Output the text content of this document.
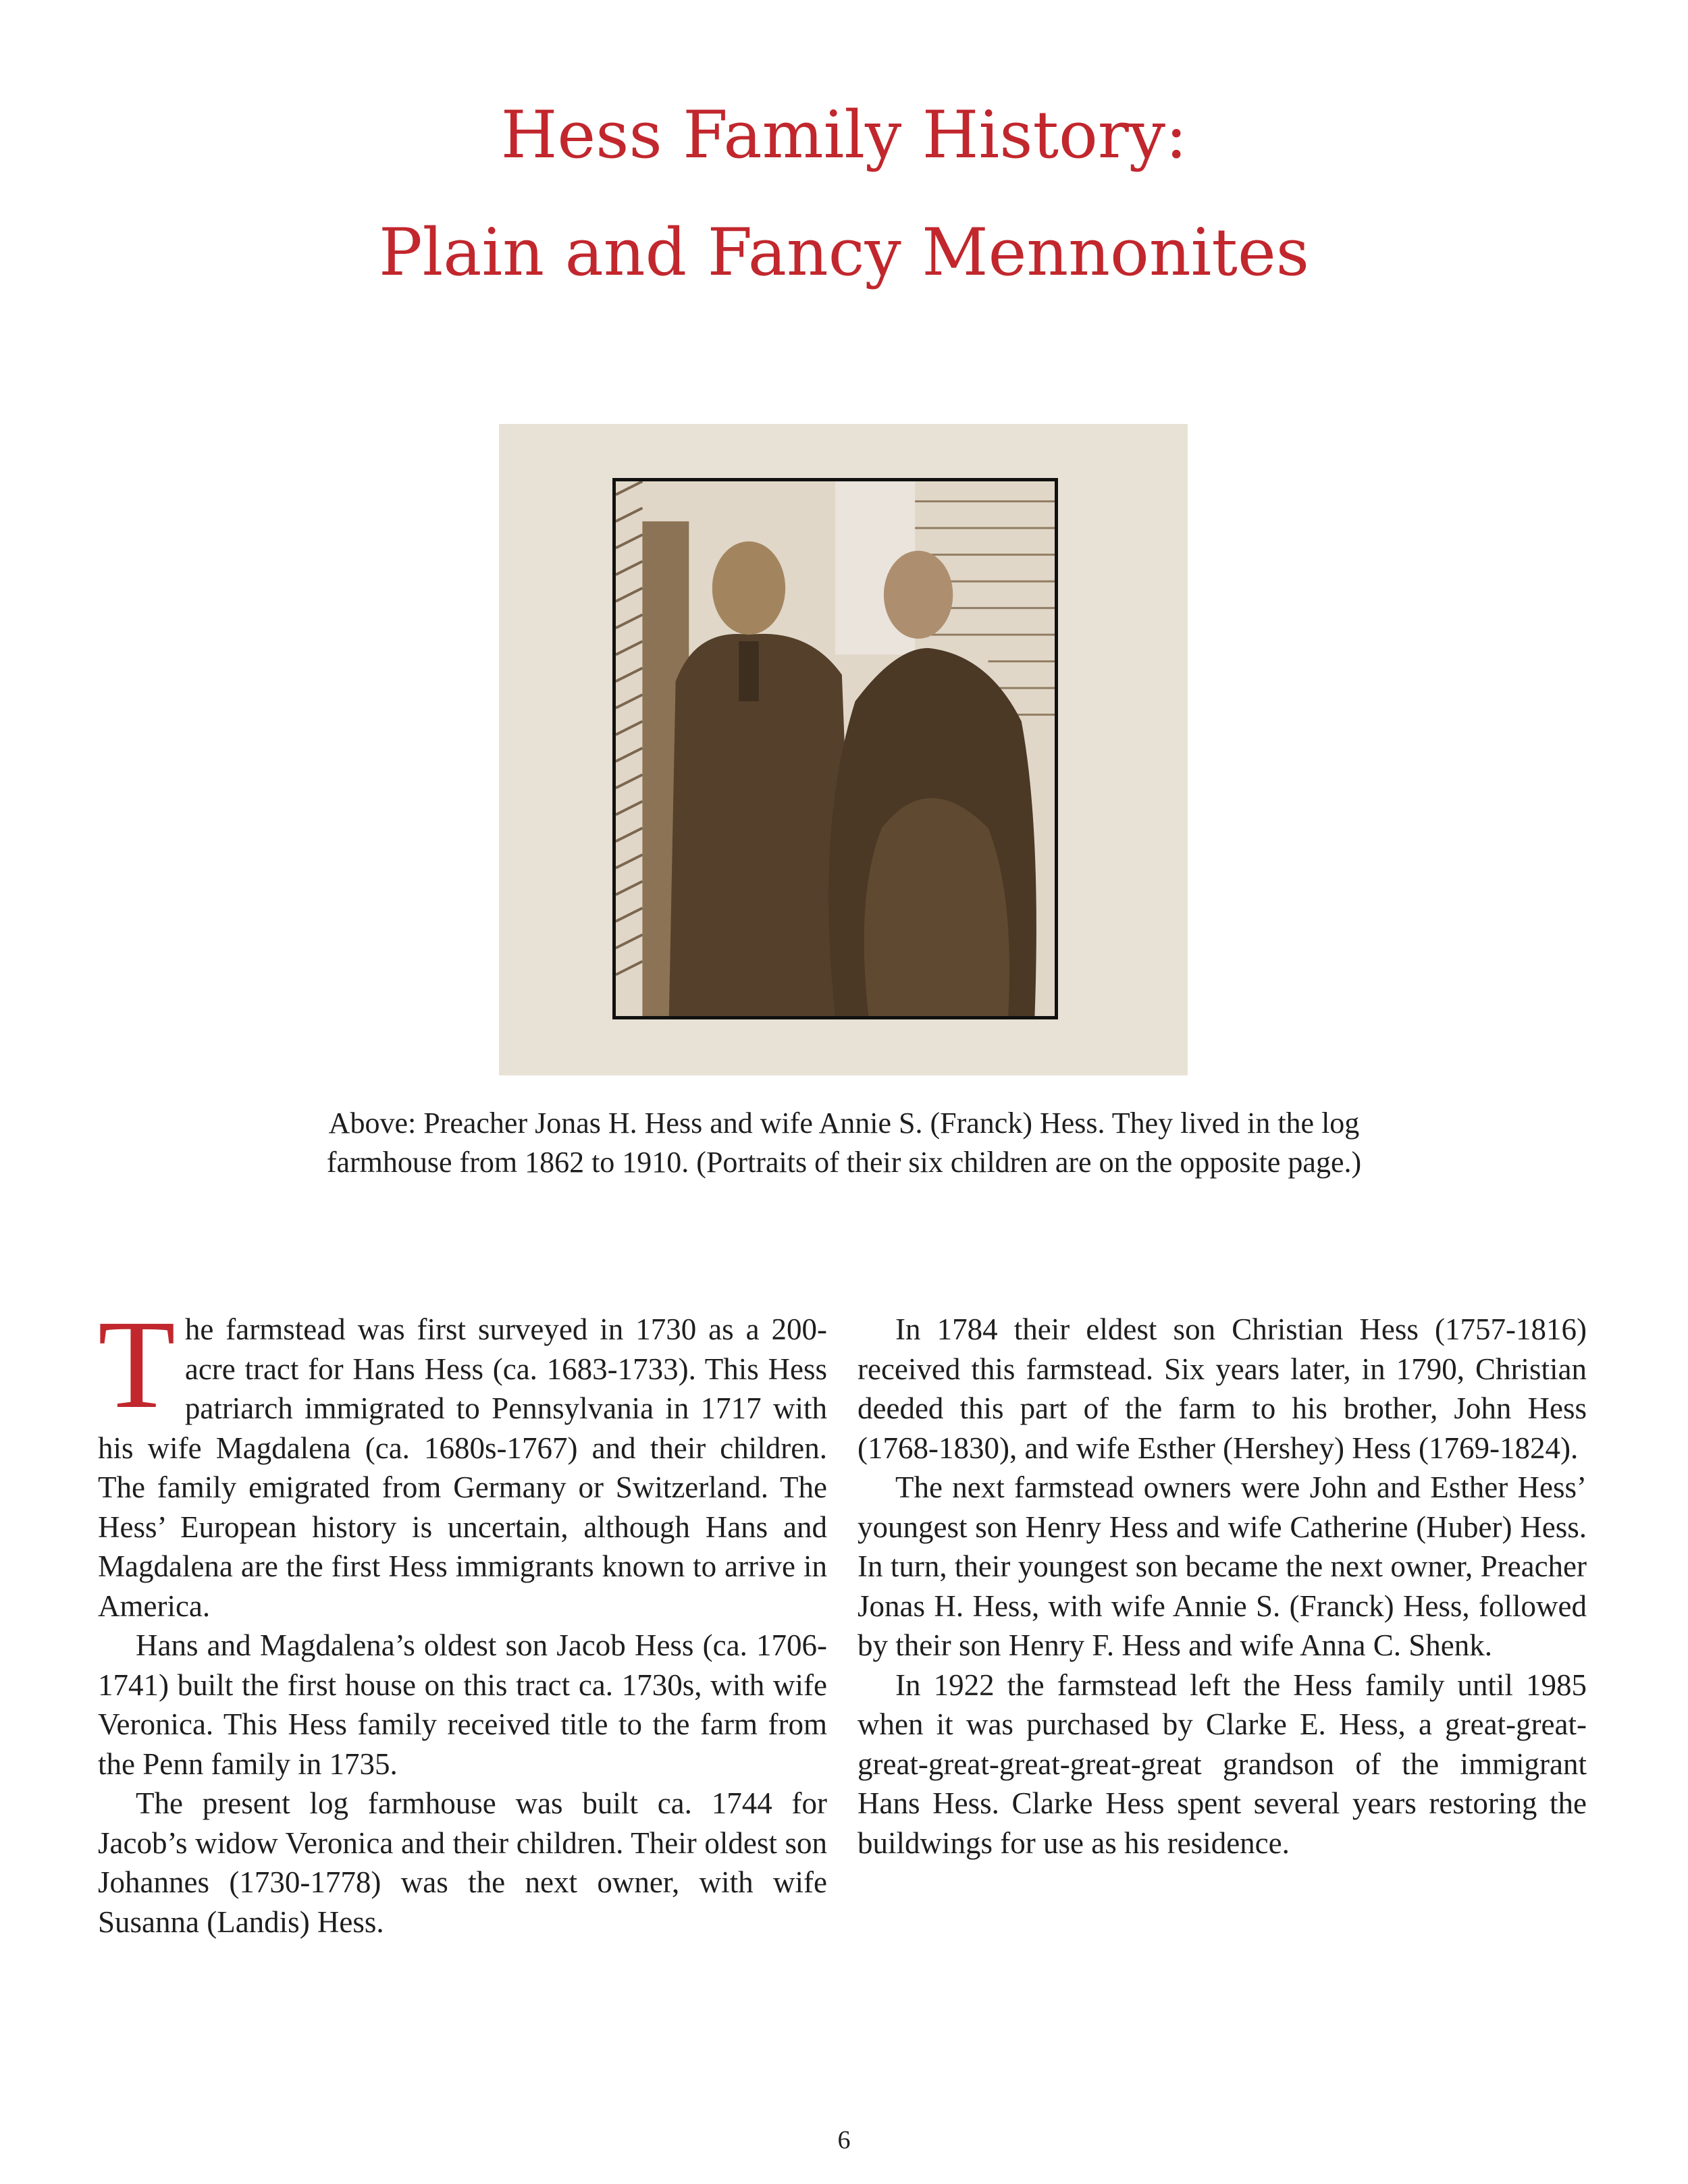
Hess Family History:
Plain and Fancy Mennonites

Above: Preacher Jonas H. Hess and wife Annie S. (Franck) Hess. They lived in the log

farmhouse from 1862 to 1910. (Portraits of their six children are on the opposite page.)

The farmstead was first surveyed in 1730 as a 200-acre tract for Hans Hess (ca. 1683-1733). This Hess patriarch immigrated to Pennsylvania in 1717 with his wife Magdalena (ca. 1680s-1767) and their children. The family emigrated from Germany or Switzerland. The Hess’ European history is uncertain, although Hans and Magdalena are the first Hess immigrants known to arrive in America.

Hans and Magdalena’s oldest son Jacob Hess (ca. 1706-1741) built the first house on this tract ca. 1730s, with wife Veronica. This Hess family received title to the farm from the Penn family in 1735.

The present log farmhouse was built ca. 1744 for Jacob’s widow Veronica and their children. Their oldest son Johannes (1730-1778) was the next owner, with wife Susanna (Landis) Hess.

In 1784 their eldest son Christian Hess (1757-1816) received this farmstead. Six years later, in 1790, Christian deeded this part of the farm to his brother, John Hess (1768-1830), and wife Esther (Hershey) Hess (1769-1824).

The next farmstead owners were John and Esther Hess’ youngest son Henry Hess and wife Catherine (Huber) Hess. In turn, their youngest son became the next owner, Preacher Jonas H. Hess, with wife Annie S. (Franck) Hess, followed by their son Henry F. Hess and wife Anna C. Shenk.

In 1922 the farmstead left the Hess family until 1985 when it was purchased by Clarke E. Hess, a great-great-great-great-great-great-great grandson of the immigrant Hans Hess. Clarke Hess spent several years restoring the buildwings for use as his residence.

6
